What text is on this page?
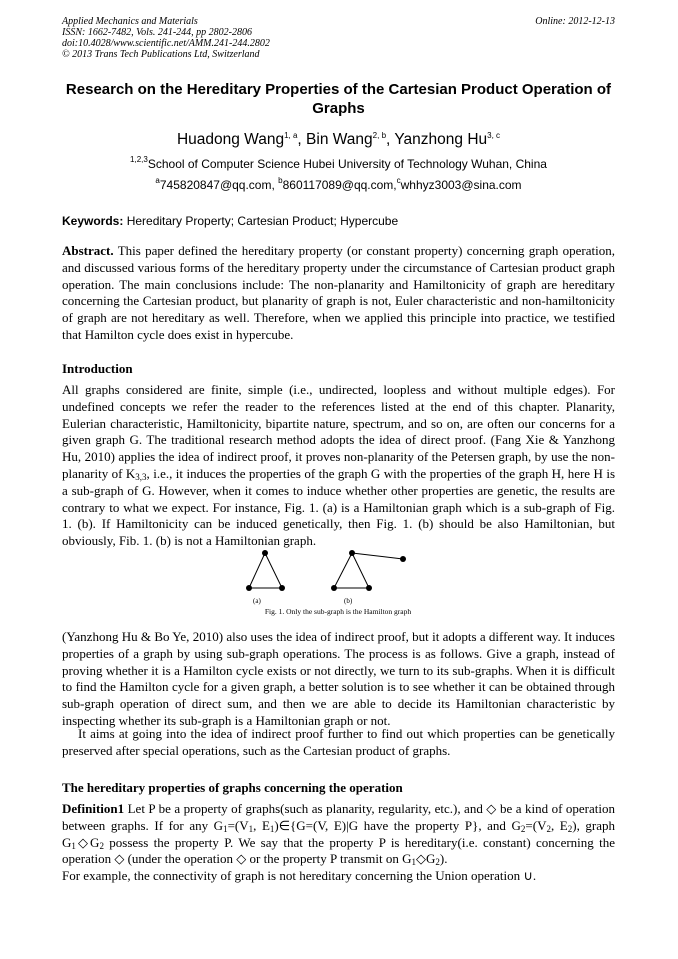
Applied Mechanics and Materials
ISSN: 1662-7482, Vols. 241-244, pp 2802-2806
doi:10.4028/www.scientific.net/AMM.241-244.2802
© 2013 Trans Tech Publications Ltd, Switzerland
Online: 2012-12-13
Research on the Hereditary Properties of the Cartesian Product Operation of Graphs
Huadong Wang$^{1, a}$, Bin Wang$^{2, b}$, Yanzhong Hu$^{3, c}$
$^{1,2,3}$School of Computer Science Hubei University of Technology Wuhan, China
$^a$745820847@qq.com, $^b$860117089@qq.com,$^c$whhyz3003@sina.com
Keywords: Hereditary Property; Cartesian Product; Hypercube
Abstract. This paper defined the hereditary property (or constant property) concerning graph operation, and discussed various forms of the hereditary property under the circumstance of Cartesian product graph operation. The main conclusions include: The non-planarity and Hamiltonicity of graph are hereditary concerning the Cartesian product, but planarity of graph is not, Euler characteristic and non-hamiltonicity of graph are not hereditary as well. Therefore, when we applied this principle into practice, we testified that Hamilton cycle does exist in hypercube.
Introduction
All graphs considered are finite, simple (i.e., undirected, loopless and without multiple edges). For undefined concepts we refer the reader to the references listed at the end of this chapter. Planarity, Eulerian characteristic, Hamiltonicity, bipartite nature, spectrum, and so on, are often our concerns for a given graph G. The traditional research method adopts the idea of direct proof. (Fang Xie & Yanzhong Hu, 2010) applies the idea of indirect proof, it proves non-planarity of the Petersen graph, by use the non-planarity of $K_{3,3}$, i.e., it induces the properties of the graph G with the properties of the graph H, here H is a sub-graph of G. However, when it comes to induce whether other properties are genetic, the results are contrary to what we expect. For instance, Fig. 1. (a) is a Hamiltonian graph which is a sub-graph of Fig. 1. (b). If Hamiltonicity can be induced genetically, then Fig. 1. (b) should be also Hamiltonian, but obviously, Fib. 1. (b) is not a Hamiltonian graph.
(a)	(b)
Fig. 1. Only the sub-graph is the Hamilton graph
(Yanzhong Hu & Bo Ye, 2010) also uses the idea of indirect proof, but it adopts a different way. It induces properties of a graph by using sub-graph operations. The process is as follows. Give a graph, instead of proving whether it is a Hamilton cycle exists or not directly, we turn to its sub-graphs. When it is difficult to find the Hamilton cycle for a given graph, a better solution is to see whether it can be obtained through sub-graph operation of direct sum, and then we are able to decide its Hamiltonian characteristic by inspecting whether its sub-graph is a Hamiltonian graph or not.
It aims at going into the idea of indirect proof further to find out which properties can be genetically preserved after special operations, such as the Cartesian product of graphs.
The hereditary properties of graphs concerning the operation
Definition1 Let P be a property of graphs(such as planarity, regularity, etc.), and ◇ be a kind of operation between graphs. If for any $G_1=(V_1$, $E_1)\in\{G=(V$, E)|G have the property P}, and $G_2=(V_2$, $E_2$), graph $G_1◇G_2$ possess the property P. We say that the property P is hereditary(i.e. constant) concerning the operation ◇ (under the operation ◇ or the property P transmit on $G_1◇G_2$).
For example, the connectivity of graph is not hereditary concerning the Union operation ∪.
